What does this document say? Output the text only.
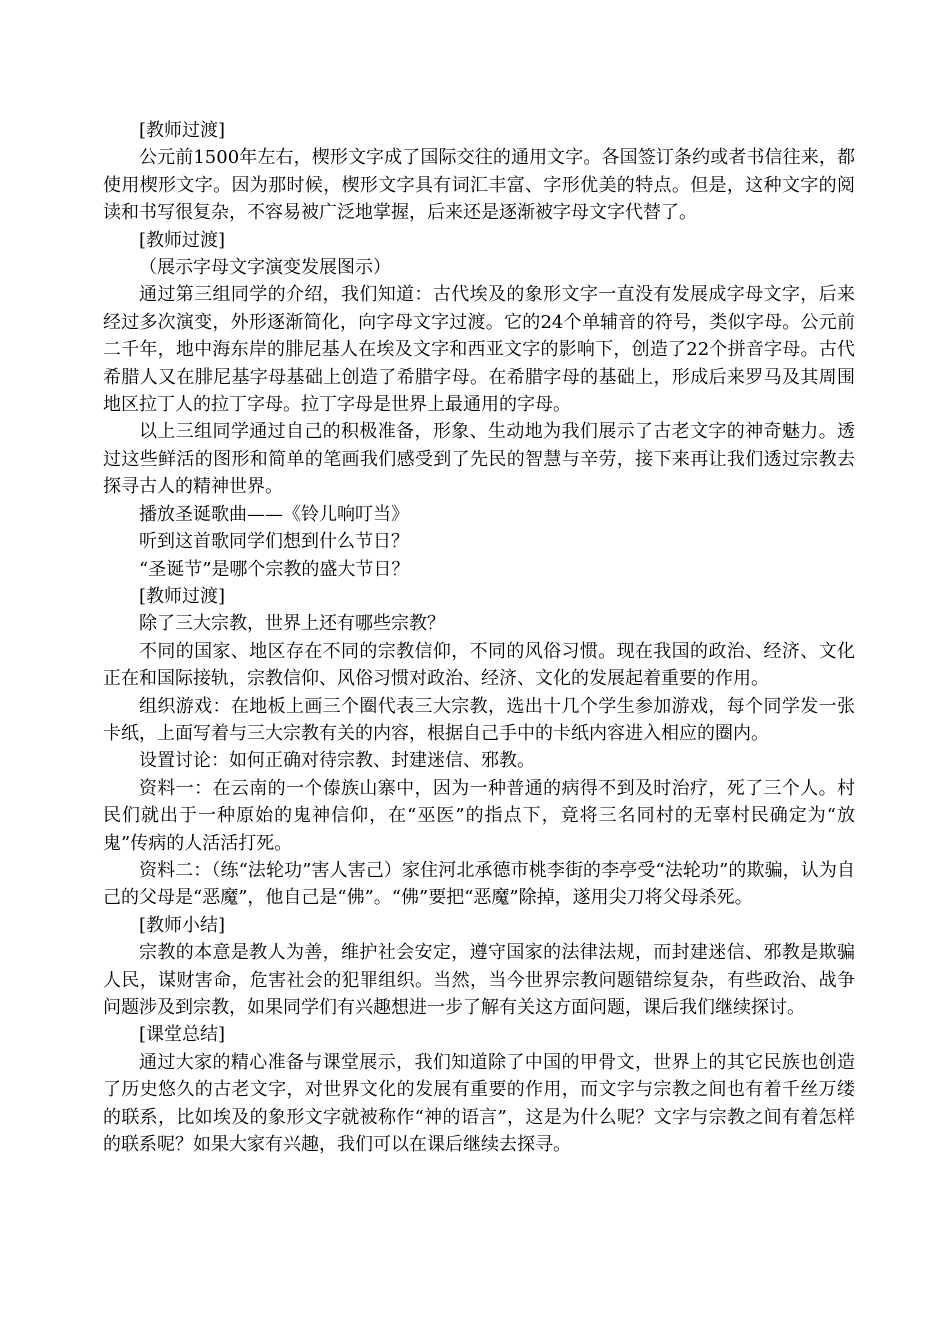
[教师过渡]

公元前1500年左右，楔形文字成了国际交往的通用文字。各国签订条约或者书信往来，都使用楔形文字。因为那时候，楔形文字具有词汇丰富、字形优美的特点。但是，这种文字的阅读和书写很复杂，不容易被广泛地掌握，后来还是逐渐被字母文字代替了。

[教师过渡]

（展示字母文字演变发展图示）

通过第三组同学的介绍，我们知道：古代埃及的象形文字一直没有发展成字母文字，后来经过多次演变，外形逐渐简化，向字母文字过渡。它的24个单辅音的符号，类似字母。公元前二千年，地中海东岸的腓尼基人在埃及文字和西亚文字的影响下，创造了22个拼音字母。古代希腊人又在腓尼基字母基础上创造了希腊字母。在希腊字母的基础上，形成后来罗马及其周围地区拉丁人的拉丁字母。拉丁字母是世界上最通用的字母。

以上三组同学通过自己的积极准备，形象、生动地为我们展示了古老文字的神奇魅力。透过这些鲜活的图形和简单的笔画我们感受到了先民的智慧与辛劳，接下来再让我们透过宗教去探寻古人的精神世界。

播放圣诞歌曲——《铃儿响叮当》

听到这首歌同学们想到什么节日？

“圣诞节”是哪个宗教的盛大节日？

[教师过渡]

除了三大宗教，世界上还有哪些宗教？

不同的国家、地区存在不同的宗教信仰，不同的风俗习惯。现在我国的政治、经济、文化正在和国际接轨，宗教信仰、风俗习惯对政治、经济、文化的发展起着重要的作用。

组织游戏：在地板上画三个圈代表三大宗教，选出十几个学生参加游戏，每个同学发一张卡纸，上面写着与三大宗教有关的内容，根据自己手中的卡纸内容进入相应的圈内。

设置讨论：如何正确对待宗教、封建迷信、邪教。

资料一：在云南的一个傣族山寨中，因为一种普通的病得不到及时治疗，死了三个人。村民们就出于一种原始的鬼神信仰，在“巫医”的指点下，竟将三名同村的无辜村民确定为“放鬼”传病的人活活打死。

资料二：（练“法轮功”害人害己）家住河北承德市桃李街的李亭受“法轮功”的欺骗，认为自己的父母是“恶魔”，他自己是“佛”。“佛”要把“恶魔”除掉，遂用尖刀将父母杀死。

[教师小结]

宗教的本意是教人为善，维护社会安定，遵守国家的法律法规，而封建迷信、邪教是欺骗人民，谋财害命，危害社会的犯罪组织。当然，当今世界宗教问题错综复杂，有些政治、战争问题涉及到宗教，如果同学们有兴趣想进一步了解有关这方面问题，课后我们继续探讨。

[课堂总结]

通过大家的精心准备与课堂展示，我们知道除了中国的甲骨文，世界上的其它民族也创造了历史悠久的古老文字，对世界文化的发展有重要的作用，而文字与宗教之间也有着千丝万缕的联系，比如埃及的象形文字就被称作“神的语言”，这是为什么呢？文字与宗教之间有着怎样的联系呢？如果大家有兴趣，我们可以在课后继续去探寻。
